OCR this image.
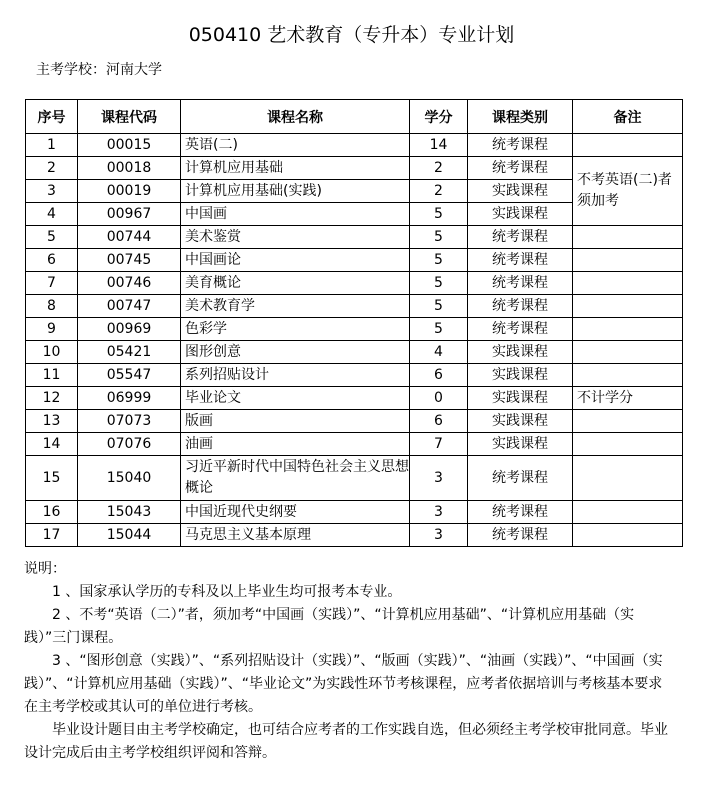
050410 艺术教育（专升本）专业计划
主考学校：河南大学
序号	课程代码	课程名称	学分	课程类别	备注
1	00015	英语(二)	14	统考课程	
2	00018	计算机应用基础	2	统考课程	不考英语(二)者须加考
3	00019	计算机应用基础(实践)	2	实践课程	
4	00967	中国画	5	实践课程	
5	00744	美术鉴赏	5	统考课程	
6	00745	中国画论	5	统考课程	
7	00746	美育概论	5	统考课程	
8	00747	美术教育学	5	统考课程	
9	00969	色彩学	5	统考课程	
10	05421	图形创意	4	实践课程	
11	05547	系列招贴设计	6	实践课程	
12	06999	毕业论文	0	实践课程	不计学分
13	07073	版画	6	实践课程	
14	07076	油画	7	实践课程	
15	15040	习近平新时代中国特色社会主义思想概论	3	统考课程	
16	15043	中国近现代史纲要	3	统考课程	
17	15044	马克思主义基本原理	3	统考课程	
说明：

1 、国家承认学历的专科及以上毕业生均可报考本专业。

2 、不考“英语（二）”者，须加考“中国画（实践）”、“计算机应用基础”、“计算机应用基础（实践）”三门课程。

3 、“图形创意（实践）”、“系列招贴设计（实践）”、“版画（实践）”、“油画（实践）”、“中国画（实践）”、“计算机应用基础（实践）”、“毕业论文”为实践性环节考核课程，应考者依据培训与考核基本要求在主考学校或其认可的单位进行考核。

毕业设计题目由主考学校确定，也可结合应考者的工作实践自选，但必须经主考学校审批同意。毕业设计完成后由主考学校组织评阅和答辩。
